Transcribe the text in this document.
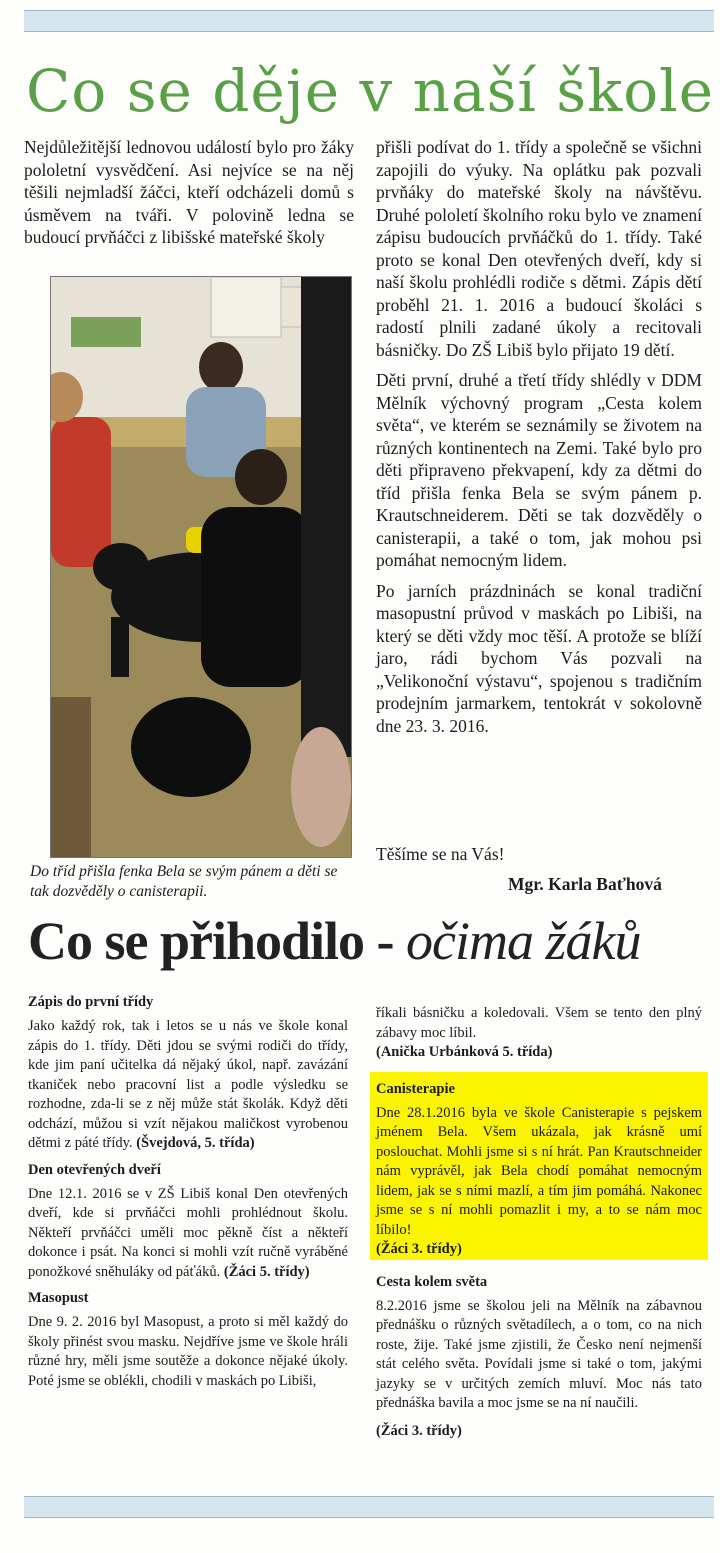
Co se děje v naší škole

Nejdůležitější lednovou událostí bylo pro žáky pololetní vysvědčení. Asi nejvíce se na něj těšili nejmladší žáčci, kteří odcházeli domů s úsměvem na tváři. V polovině ledna se budoucí prvňáčci z libišské mateřské školy

Do tříd přišla fenka Bela se svým pánem a děti se tak dozvěděly o canisterapii.

přišli podívat do 1. třídy a společně se všichni zapojili do výuky. Na oplátku pak pozvali prvňáky do mateřské školy na návštěvu. Druhé pololetí školního roku bylo ve znamení zápisu budoucích prvňáčků do 1. třídy. Také proto se konal Den otevřených dveří, kdy si naší školu prohlédli rodiče s dětmi. Zápis dětí proběhl 21. 1. 2016 a budoucí školáci s radostí plnili zadané úkoly a recitovali básničky. Do ZŠ Libiš bylo přijato 19 dětí.

Děti první, druhé a třetí třídy shlédly v DDM Mělník výchovný program „Cesta kolem světa“, ve kterém se seznámily se životem na různých kontinentech na Zemi. Také bylo pro děti připraveno překvapení, kdy za dětmi do tříd přišla fenka Bela se svým pánem p. Krautschneiderem. Děti se tak dozvěděly o canisterapii, a také o tom, jak mohou psi pomáhat nemocným lidem.

Po jarních prázdninách se konal tradiční masopustní průvod v maskách po Libiši, na který se děti vždy moc těší. A protože se blíží jaro, rádi bychom Vás pozvali na „Velikonoční výstavu“, spojenou s tradičním prodejním jarmarkem, tentokrát v sokolovně dne 23. 3. 2016.

Těšíme se na Vás!

Mgr. Karla Baťhová

Co se přihodilo - očima žáků
Zápis do první třídy

Jako každý rok, tak i letos se u nás ve škole konal zápis do 1. třídy. Děti jdou se svými rodiči do třídy, kde jim paní učitelka dá nějaký úkol, např. zavázání tkaniček nebo pracovní list a podle výsledku se rozhodne, zda-li se z něj může stát školák. Když děti odchází, můžou si vzít nějakou maličkost vyrobenou dětmi z páté třídy. (Švejdová, 5. třída)

Den otevřených dveří

Dne 12.1. 2016 se v ZŠ Libiš konal Den otevřených dveří, kde si prvňáčci mohli prohlédnout školu. Někteří prvňáčci uměli moc pěkně číst a někteří dokonce i psát. Na konci si mohli vzít ručně vyráběné ponožkové sněhuláky od páťáků. (Žáci 5. třídy)

Masopust

Dne 9. 2. 2016 byl Masopust, a proto si měl každý do školy přinést svou masku. Nejdříve jsme ve škole hráli různé hry, měli jsme soutěže a dokonce nějaké úkoly. Poté jsme se oblékli, chodili v maskách po Libiši,

říkali básničku a koledovali. Všem se tento den plný zábavy moc líbil.

(Anička Urbánková 5. třída)

Canisterapie

Dne 28.1.2016 byla ve škole Canisterapie s pejskem jménem Bela. Všem ukázala, jak krásně umí poslouchat. Mohli jsme si s ní hrát. Pan Krautschneider nám vyprávěl, jak Bela chodí pomáhat nemocným lidem, jak se s ními mazlí, a tím jim pomáhá. Nakonec jsme se s ní mohli pomazlit i my, a to se nám moc líbilo!

(Žáci 3. třídy)

Cesta kolem světa

8.2.2016 jsme se školou jeli na Mělník na zábavnou přednášku o různých světadílech, a o tom, co na nich roste, žije. Také jsme zjistili, že Česko není nejmenší stát celého světa. Povídali jsme si také o tom, jakými jazyky se v určitých zemích mluví. Moc nás tato přednáška bavila a moc jsme se na ní naučili.

(Žáci 3. třídy)
